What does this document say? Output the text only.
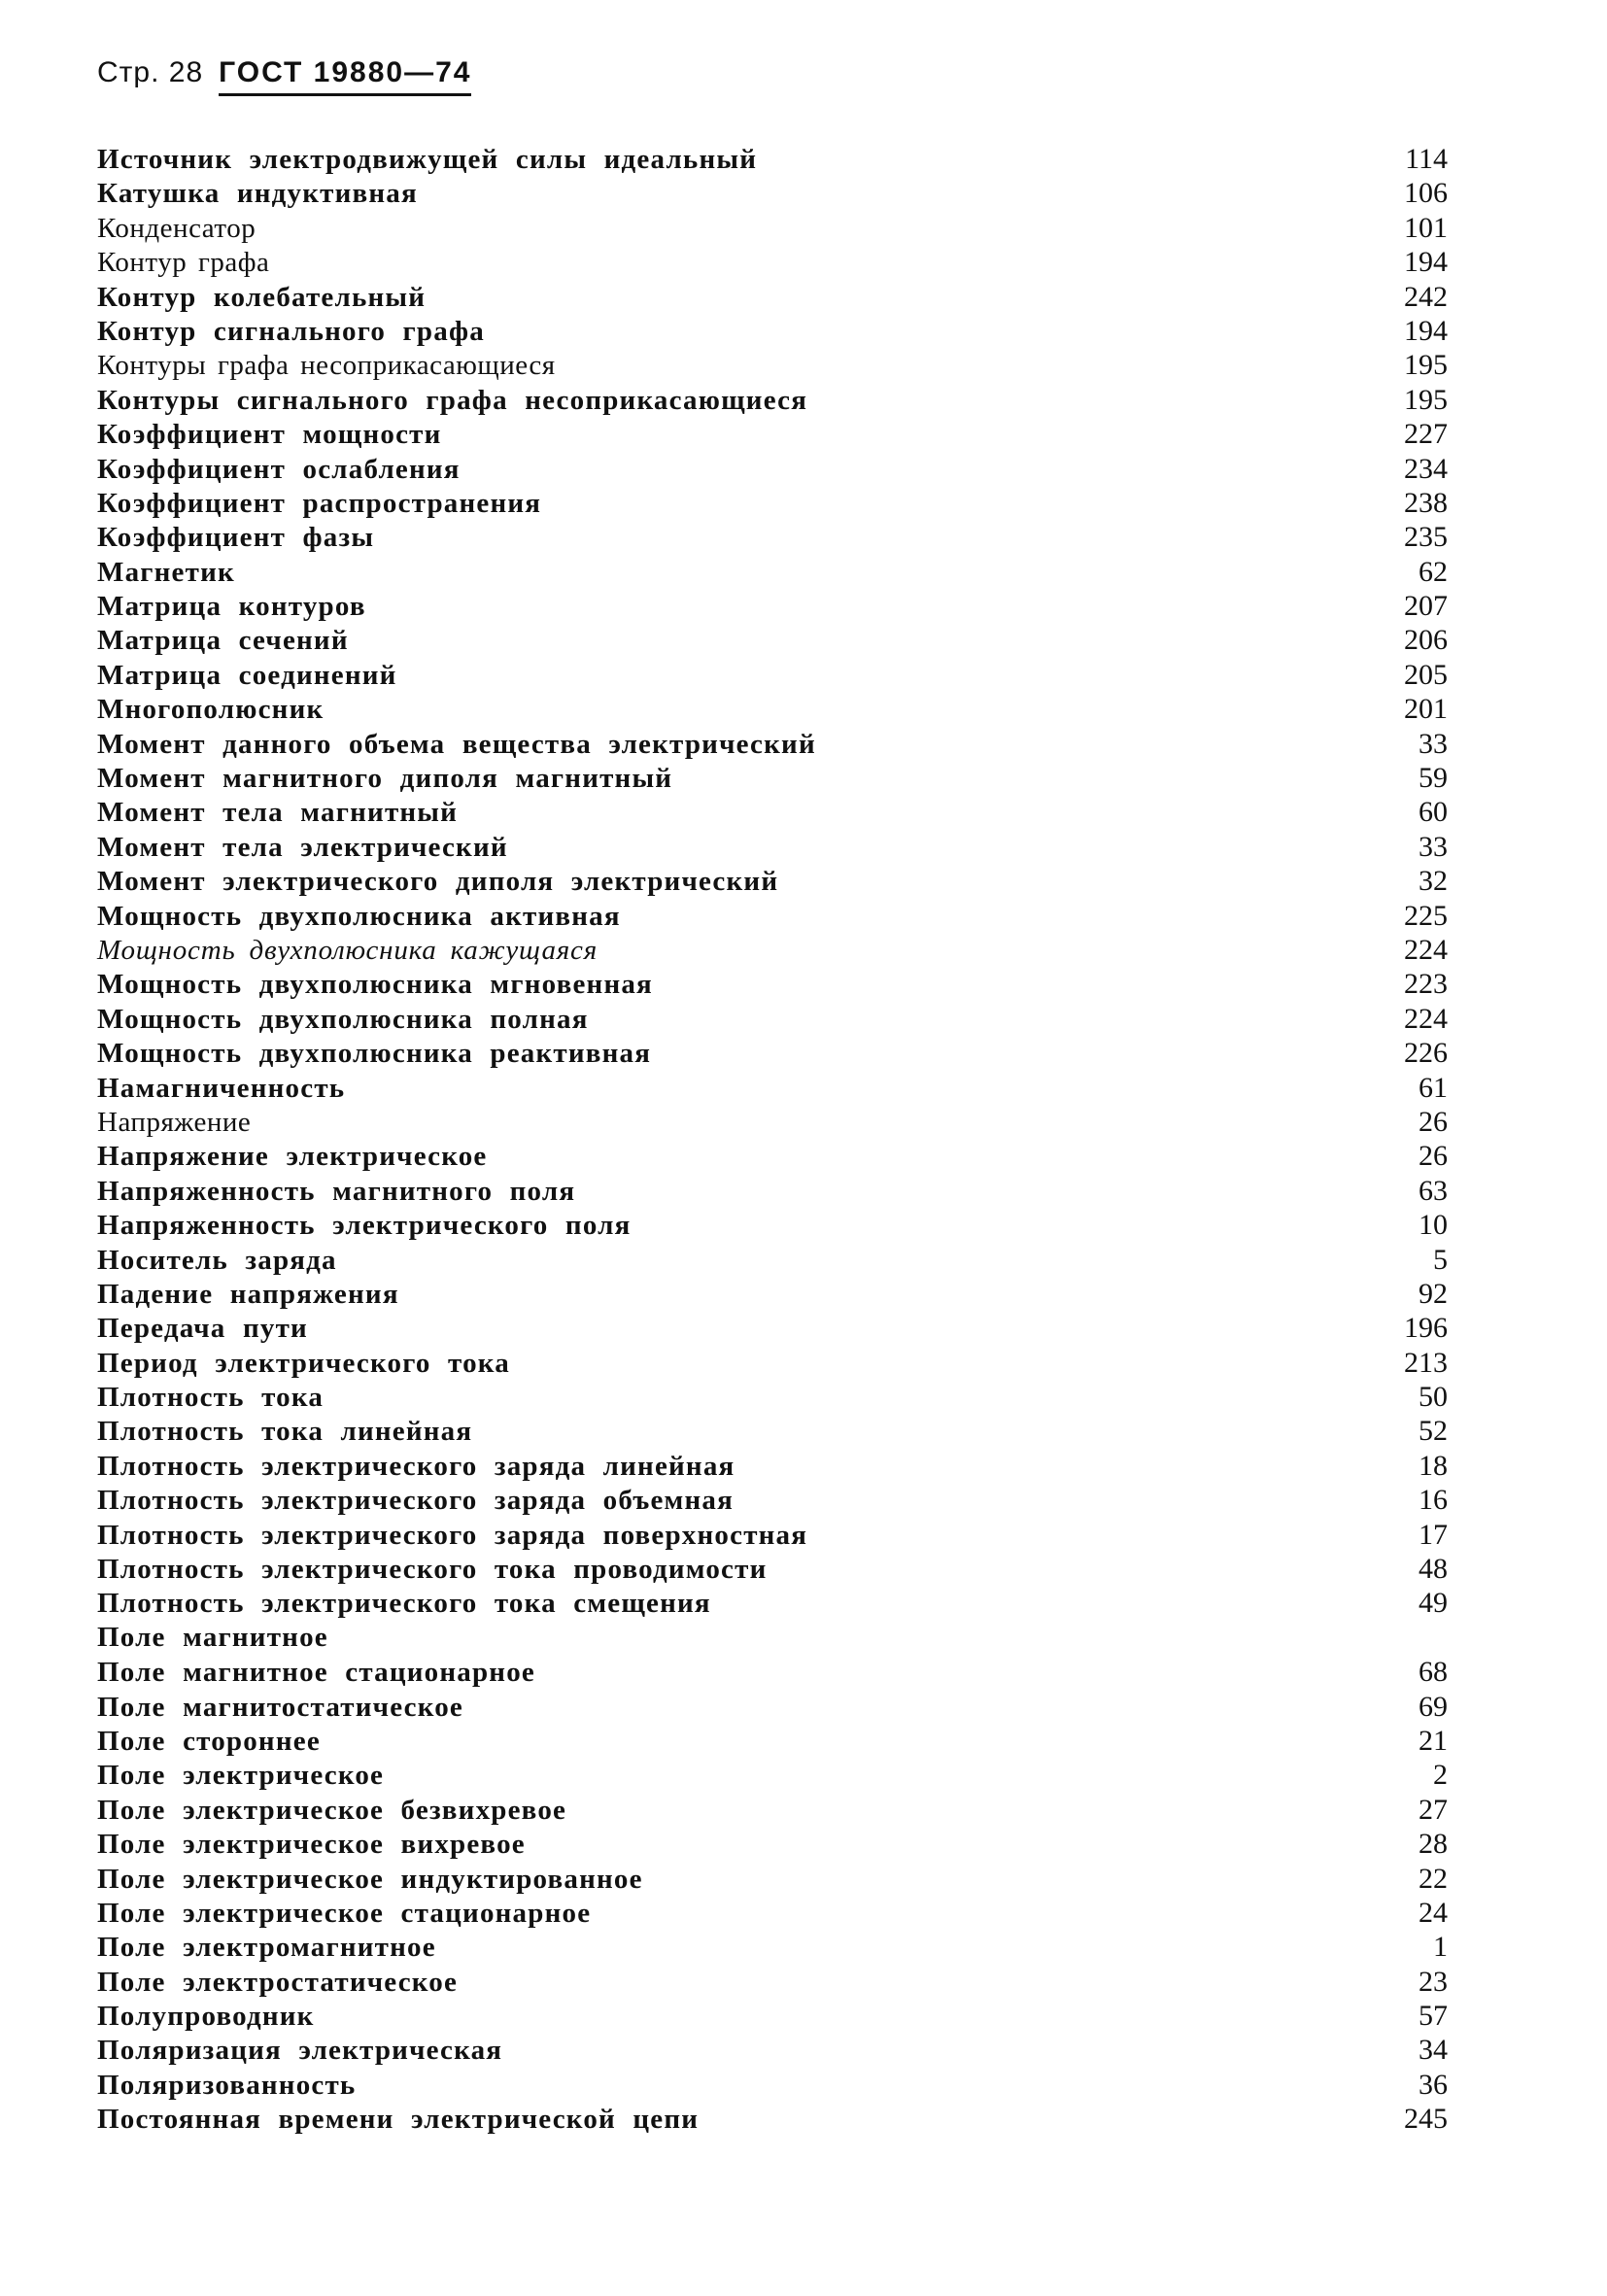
Стр. 28 ГОСТ 19880—74
Источник электродвижущей силы идеальный	114
Катушка индуктивная	106
Конденсатор	101
Контур графа	194
Контур колебательный	242
Контур сигнального графа	194
Контуры графа несоприкасающиеся	195
Контуры сигнального графа несоприкасающиеся	195
Коэффициент мощности	227
Коэффициент ослабления	234
Коэффициент распространения	238
Коэффициент фазы	235
Магнетик	62
Матрица контуров	207
Матрица сечений	206
Матрица соединений	205
Многополюсник	201
Момент данного объема вещества электрический	33
Момент магнитного диполя магнитный	59
Момент тела магнитный	60
Момент тела электрический	33
Момент электрического диполя электрический	32
Мощность двухполюсника активная	225
Мощность двухполюсника кажущаяся	224
Мощность двухполюсника мгновенная	223
Мощность двухполюсника полная	224
Мощность двухполюсника реактивная	226
Намагниченность	61
Напряжение	26
Напряжение электрическое	26
Напряженность магнитного поля	63
Напряженность электрического поля	10
Носитель заряда	5
Падение напряжения	92
Передача пути	196
Период электрического тока	213
Плотность тока	50
Плотность тока линейная	52
Плотность электрического заряда линейная	18
Плотность электрического заряда объемная	16
Плотность электрического заряда поверхностная	17
Плотность электрического тока проводимости	48
Плотность электрического тока смещения	49
Поле магнитное
Поле магнитное стационарное	68
Поле магнитостатическое	69
Поле стороннее	21
Поле электрическое	2
Поле электрическое безвихревое	27
Поле электрическое вихревое	28
Поле электрическое индуктированное	22
Поле электрическое стационарное	24
Поле электромагнитное	1
Поле электростатическое	23
Полупроводник	57
Поляризация электрическая	34
Поляризованность	36
Постоянная времени электрической цепи	245
